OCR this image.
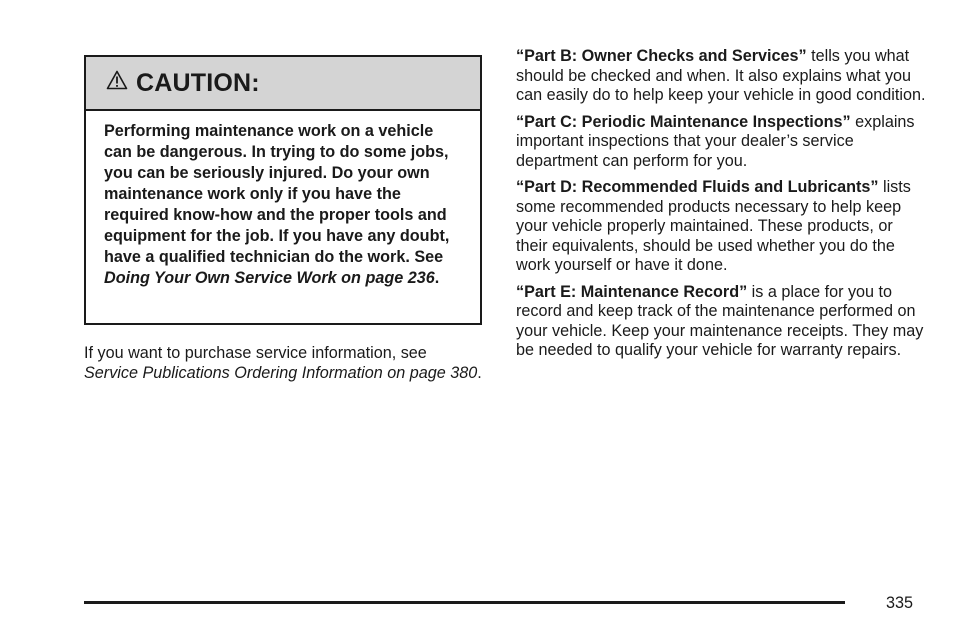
CAUTION:
Performing maintenance work on a vehicle can be dangerous. In trying to do some jobs, you can be seriously injured. Do your own maintenance work only if you have the required know-how and the proper tools and equipment for the job. If you have any doubt, have a qualified technician do the work. See Doing Your Own Service Work on page 236.
If you want to purchase service information, see Service Publications Ordering Information on page 380.

“Part B: Owner Checks and Services” tells you what should be checked and when. It also explains what you can easily do to help keep your vehicle in good condition.

“Part C: Periodic Maintenance Inspections” explains important inspections that your dealer’s service department can perform for you.

“Part D: Recommended Fluids and Lubricants” lists some recommended products necessary to help keep your vehicle properly maintained. These products, or their equivalents, should be used whether you do the work yourself or have it done.

“Part E: Maintenance Record” is a place for you to record and keep track of the maintenance performed on your vehicle. Keep your maintenance receipts. They may be needed to qualify your vehicle for warranty repairs.

335
